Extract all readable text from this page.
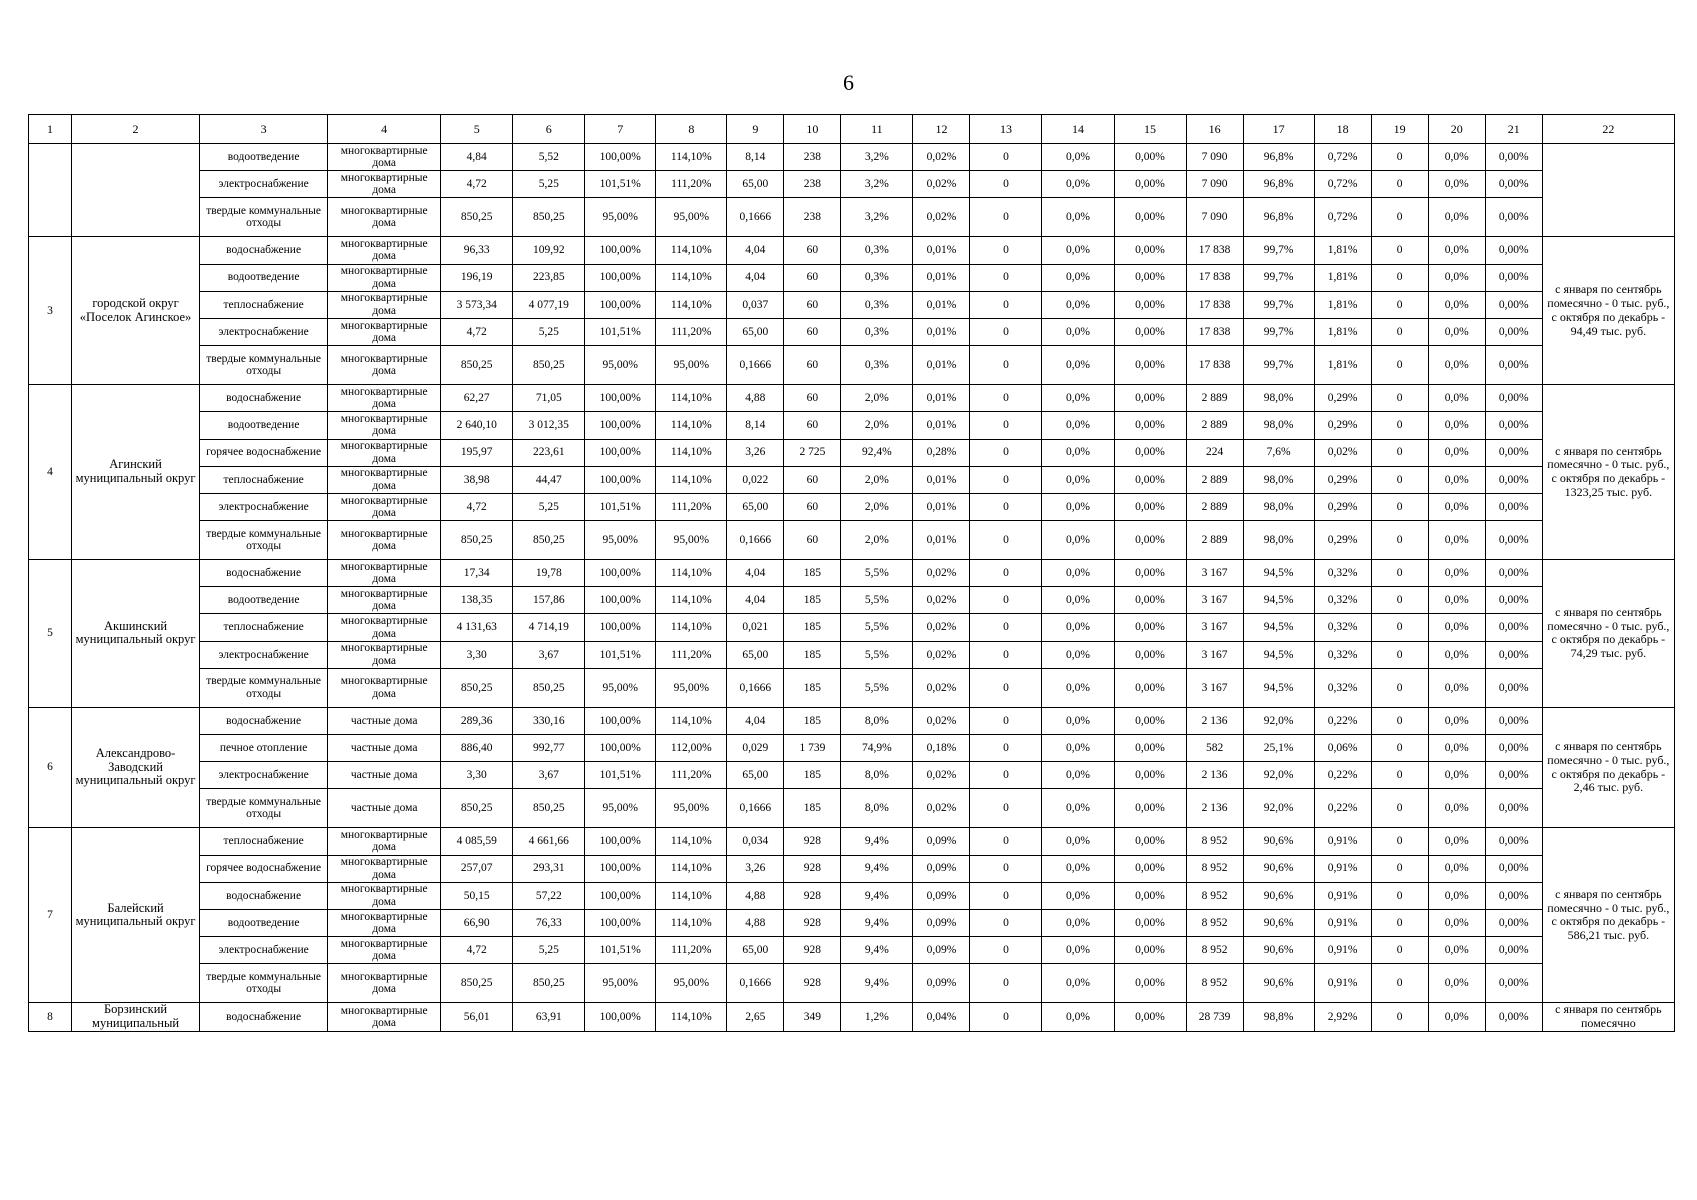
6
1	2	3	4	5	6	7	8	9	10	11	12	13	14	15	16	17	18	19	20	21	22
		водоотведение	многоквартирные дома	4,84	5,52	100,00%	114,10%	8,14	238	3,2%	0,02%	0	0,0%	0,00%	7 090	96,8%	0,72%	0	0,0%	0,00%	
		электроснабжение	многоквартирные дома	4,72	5,25	101,51%	111,20%	65,00	238	3,2%	0,02%	0	0,0%	0,00%	7 090	96,8%	0,72%	0	0,0%	0,00%	
		твердые коммунальные отходы	многоквартирные дома	850,25	850,25	95,00%	95,00%	0,1666	238	3,2%	0,02%	0	0,0%	0,00%	7 090	96,8%	0,72%	0	0,0%	0,00%	
3	городской округ «Поселок Агинское»	водоснабжение	многоквартирные дома	96,33	109,92	100,00%	114,10%	4,04	60	0,3%	0,01%	0	0,0%	0,00%	17 838	99,7%	1,81%	0	0,0%	0,00%	с января по сентябрь помесячно - 0 тыс. руб., с октября по декабрь - 94,49 тыс. руб.
		водоотведение	многоквартирные дома	196,19	223,85	100,00%	114,10%	4,04	60	0,3%	0,01%	0	0,0%	0,00%	17 838	99,7%	1,81%	0	0,0%	0,00%	
		теплоснабжение	многоквартирные дома	3 573,34	4 077,19	100,00%	114,10%	0,037	60	0,3%	0,01%	0	0,0%	0,00%	17 838	99,7%	1,81%	0	0,0%	0,00%	
		электроснабжение	многоквартирные дома	4,72	5,25	101,51%	111,20%	65,00	60	0,3%	0,01%	0	0,0%	0,00%	17 838	99,7%	1,81%	0	0,0%	0,00%	
		твердые коммунальные отходы	многоквартирные дома	850,25	850,25	95,00%	95,00%	0,1666	60	0,3%	0,01%	0	0,0%	0,00%	17 838	99,7%	1,81%	0	0,0%	0,00%	
4	Агинский муниципальный округ	водоснабжение	многоквартирные дома	62,27	71,05	100,00%	114,10%	4,88	60	2,0%	0,01%	0	0,0%	0,00%	2 889	98,0%	0,29%	0	0,0%	0,00%	с января по сентябрь помесячно - 0 тыс. руб., с октября по декабрь - 1323,25 тыс. руб.
		водоотведение	многоквартирные дома	2 640,10	3 012,35	100,00%	114,10%	8,14	60	2,0%	0,01%	0	0,0%	0,00%	2 889	98,0%	0,29%	0	0,0%	0,00%	
		горячее водоснабжение	многоквартирные дома	195,97	223,61	100,00%	114,10%	3,26	2 725	92,4%	0,28%	0	0,0%	0,00%	224	7,6%	0,02%	0	0,0%	0,00%	
		теплоснабжение	многоквартирные дома	38,98	44,47	100,00%	114,10%	0,022	60	2,0%	0,01%	0	0,0%	0,00%	2 889	98,0%	0,29%	0	0,0%	0,00%	
		электроснабжение	многоквартирные дома	4,72	5,25	101,51%	111,20%	65,00	60	2,0%	0,01%	0	0,0%	0,00%	2 889	98,0%	0,29%	0	0,0%	0,00%	
		твердые коммунальные отходы	многоквартирные дома	850,25	850,25	95,00%	95,00%	0,1666	60	2,0%	0,01%	0	0,0%	0,00%	2 889	98,0%	0,29%	0	0,0%	0,00%	
5	Акшинский муниципальный округ	водоснабжение	многоквартирные дома	17,34	19,78	100,00%	114,10%	4,04	185	5,5%	0,02%	0	0,0%	0,00%	3 167	94,5%	0,32%	0	0,0%	0,00%	с января по сентябрь помесячно - 0 тыс. руб., с октября по декабрь - 74,29 тыс. руб.
		водоотведение	многоквартирные дома	138,35	157,86	100,00%	114,10%	4,04	185	5,5%	0,02%	0	0,0%	0,00%	3 167	94,5%	0,32%	0	0,0%	0,00%	
		теплоснабжение	многоквартирные дома	4 131,63	4 714,19	100,00%	114,10%	0,021	185	5,5%	0,02%	0	0,0%	0,00%	3 167	94,5%	0,32%	0	0,0%	0,00%	
		электроснабжение	многоквартирные дома	3,30	3,67	101,51%	111,20%	65,00	185	5,5%	0,02%	0	0,0%	0,00%	3 167	94,5%	0,32%	0	0,0%	0,00%	
		твердые коммунальные отходы	многоквартирные дома	850,25	850,25	95,00%	95,00%	0,1666	185	5,5%	0,02%	0	0,0%	0,00%	3 167	94,5%	0,32%	0	0,0%	0,00%	
6	Александрово-Заводский муниципальный округ	водоснабжение	частные дома	289,36	330,16	100,00%	114,10%	4,04	185	8,0%	0,02%	0	0,0%	0,00%	2 136	92,0%	0,22%	0	0,0%	0,00%	с января по сентябрь помесячно - 0 тыс. руб., с октября по декабрь - 2,46 тыс. руб.
		печное отопление	частные дома	886,40	992,77	100,00%	112,00%	0,029	1 739	74,9%	0,18%	0	0,0%	0,00%	582	25,1%	0,06%	0	0,0%	0,00%	
		электроснабжение	частные дома	3,30	3,67	101,51%	111,20%	65,00	185	8,0%	0,02%	0	0,0%	0,00%	2 136	92,0%	0,22%	0	0,0%	0,00%	
		твердые коммунальные отходы	частные дома	850,25	850,25	95,00%	95,00%	0,1666	185	8,0%	0,02%	0	0,0%	0,00%	2 136	92,0%	0,22%	0	0,0%	0,00%	
7	Балейский муниципальный округ	теплоснабжение	многоквартирные дома	4 085,59	4 661,66	100,00%	114,10%	0,034	928	9,4%	0,09%	0	0,0%	0,00%	8 952	90,6%	0,91%	0	0,0%	0,00%	с января по сентябрь помесячно - 0 тыс. руб., с октября по декабрь - 586,21 тыс. руб.
		горячее водоснабжение	многоквартирные дома	257,07	293,31	100,00%	114,10%	3,26	928	9,4%	0,09%	0	0,0%	0,00%	8 952	90,6%	0,91%	0	0,0%	0,00%	
		водоснабжение	многоквартирные дома	50,15	57,22	100,00%	114,10%	4,88	928	9,4%	0,09%	0	0,0%	0,00%	8 952	90,6%	0,91%	0	0,0%	0,00%	
		водоотведение	многоквартирные дома	66,90	76,33	100,00%	114,10%	4,88	928	9,4%	0,09%	0	0,0%	0,00%	8 952	90,6%	0,91%	0	0,0%	0,00%	
		электроснабжение	многоквартирные дома	4,72	5,25	101,51%	111,20%	65,00	928	9,4%	0,09%	0	0,0%	0,00%	8 952	90,6%	0,91%	0	0,0%	0,00%	
		твердые коммунальные отходы	многоквартирные дома	850,25	850,25	95,00%	95,00%	0,1666	928	9,4%	0,09%	0	0,0%	0,00%	8 952	90,6%	0,91%	0	0,0%	0,00%	
8	Борзинский муниципальный	водоснабжение	многоквартирные дома	56,01	63,91	100,00%	114,10%	2,65	349	1,2%	0,04%	0	0,0%	0,00%	28 739	98,8%	2,92%	0	0,0%	0,00%	с января по сентябрь помесячно
